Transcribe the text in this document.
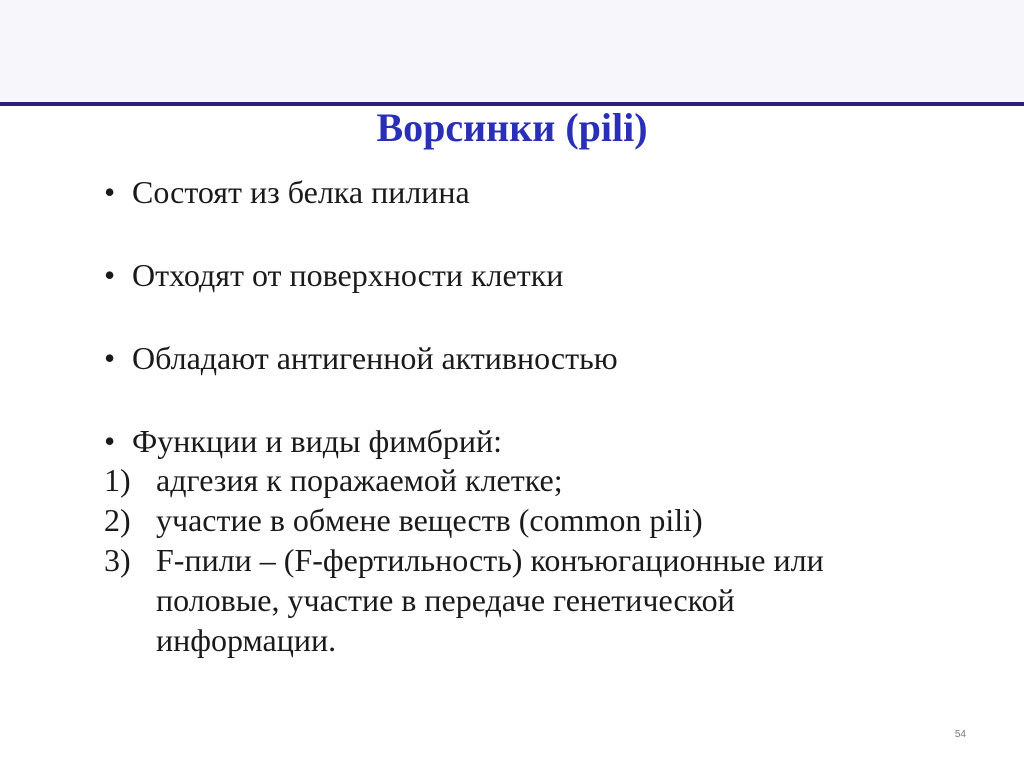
Ворсинки (pili)
• Состоят из белка пилина
• Отходят от поверхности клетки
• Обладают антигенной активностью
• Функции и виды фимбрий:
1) адгезия к поражаемой клетке;
2) участие в обмене веществ (common pili)
3) F-пили – (F-фертильность) конъюгационные или
половые, участие в передаче генетической
информации.
54
